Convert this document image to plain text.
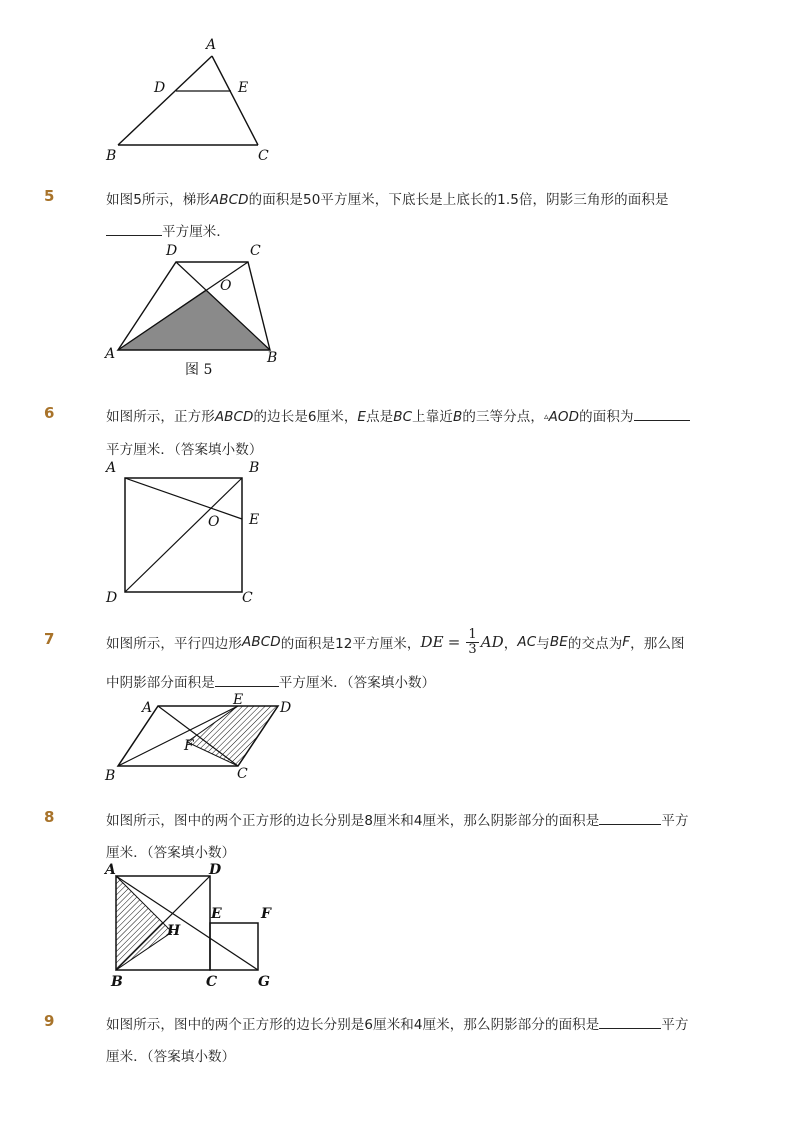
A
D	E
B	C
5	如图5所示，梯形ABCD的面积是50平方厘米，下底长是上底长的1.5倍，阴影三角形的面积是
平方厘米．
D	C
O
A	B
图 5
6	如图所示，正方形ABCD的边长是6厘米，E点是BC上靠近B的三等分点，▵AOD的面积为
平方厘米．（答案填小数）
A	B
O E
D	C
7	如图所示，平行四边形 ABCD 的面积是12平方厘米， DE = $\frac{1}{3}$ AD ， AC 与 BE 的交点为 F ，那么图
中阴影部分面积是	平方厘米．（答案填小数）
A	E	D
F
B	C
8	如图所示，图中的两个正方形的边长分别是8厘米和4厘米，那么阴影部分的面积是	平方
厘米．（答案填小数）
A	D
E	F
H
B	C	G
9	如图所示，图中的两个正方形的边长分别是6厘米和4厘米，那么阴影部分的面积是	平方
厘米．（答案填小数）
